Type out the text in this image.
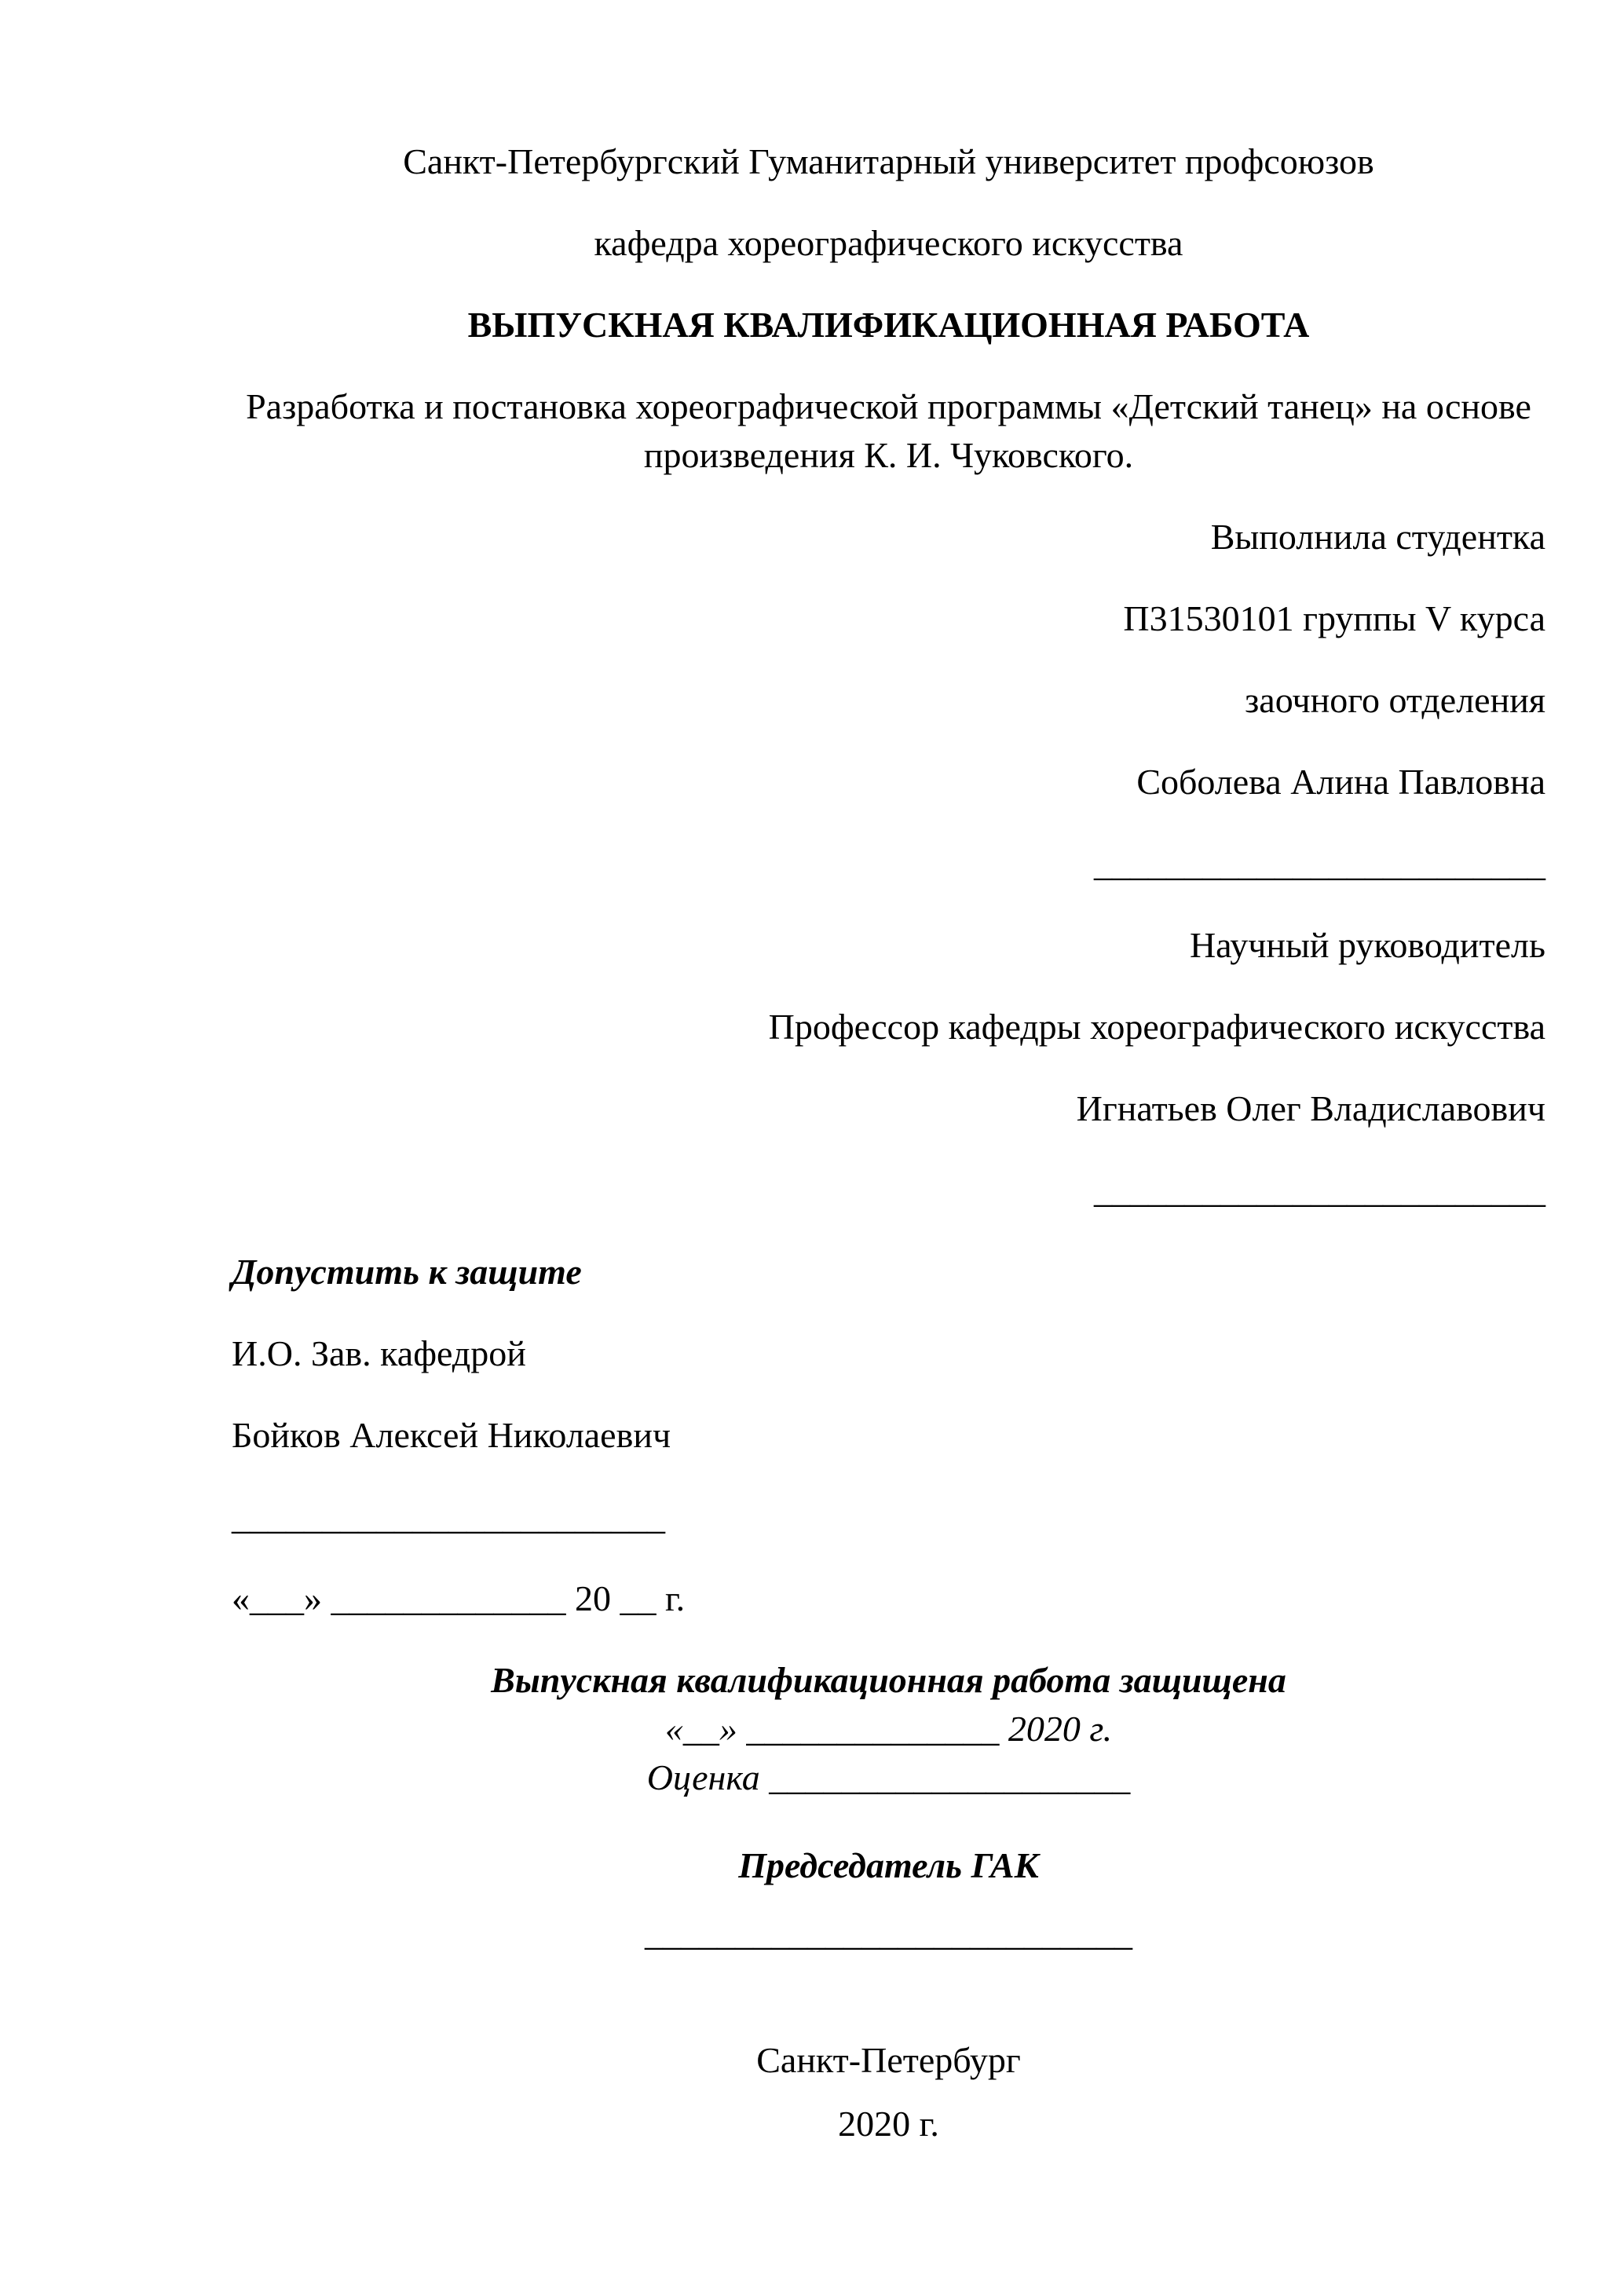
Санкт-Петербургский Гуманитарный университет профсоюзов

кафедра хореографического искусства

ВЫПУСКНАЯ КВАЛИФИКАЦИОННАЯ РАБОТА

Разработка и постановка хореографической программы «Детский танец» на основе произведения К. И. Чуковского.

Выполнила студентка

П31530101 группы V курса

заочного отделения

Соболева Алина Павловна

_________________________

Научный руководитель

Профессор кафедры хореографического искусства

Игнатьев Олег Владиславович

_________________________

Допустить к защите

И.О. Зав. кафедрой

Бойков Алексей Николаевич

________________________

«___» _____________ 20 __ г.

Выпускная квалификационная работа защищена

«__» ______________ 2020 г.

Оценка ____________________

Председатель ГАК

___________________________

Санкт-Петербург

2020 г.
